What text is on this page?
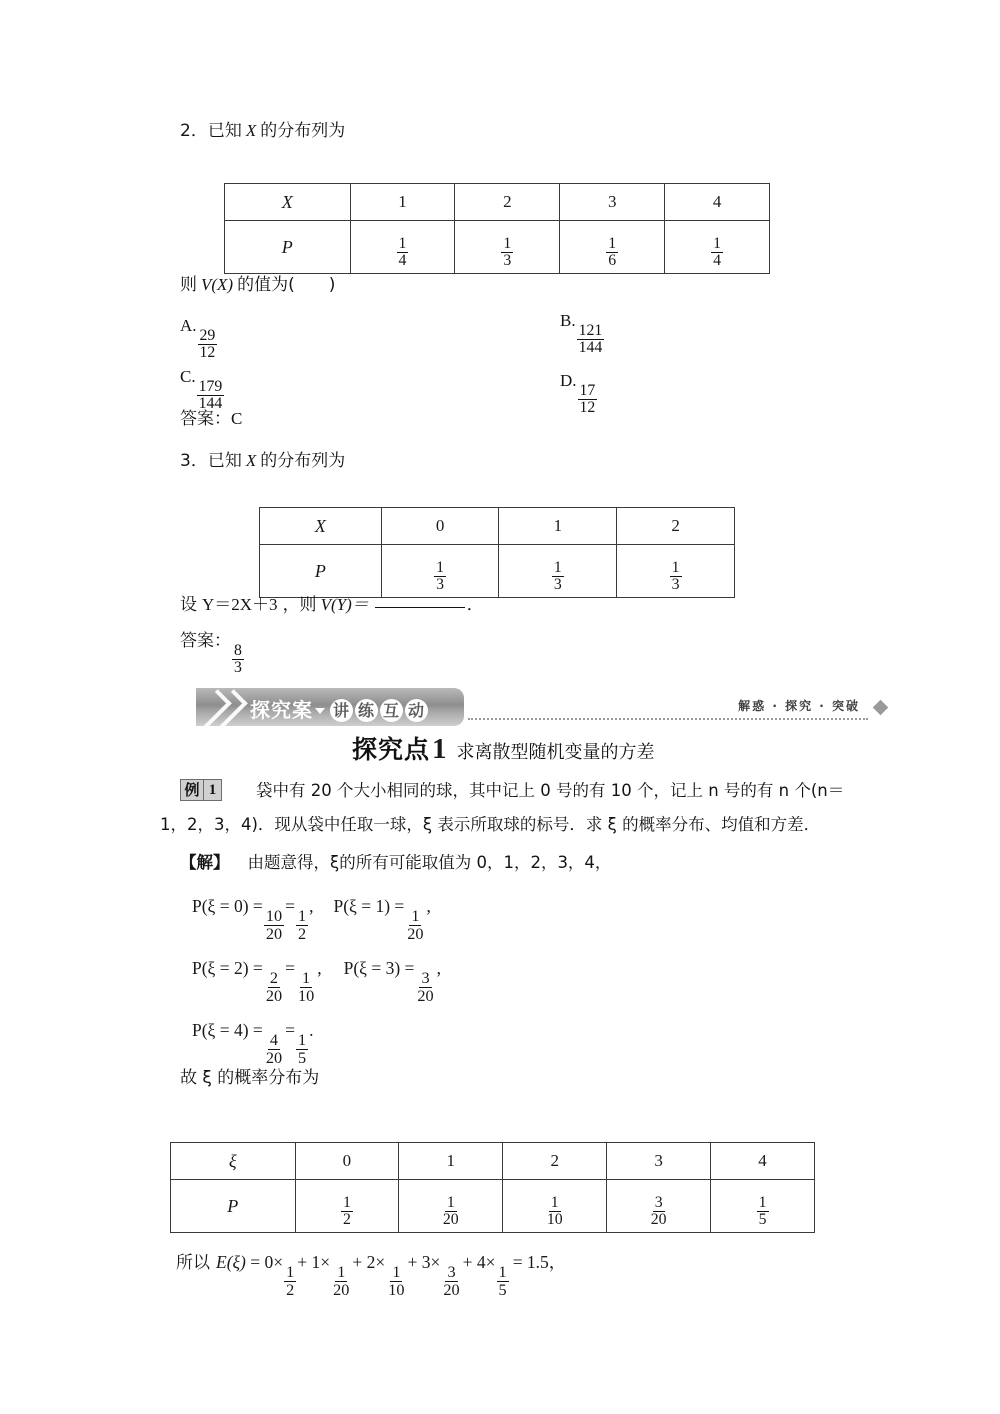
2．已知 X 的分布列为
X	1	2	3	4
P	$\frac{1}{4}$	$\frac{1}{3}$	$\frac{1}{6}$	$\frac{1}{4}$
则 V(X) 的值为(　　)
A.
$\frac{29}{12}$
B.
$\frac{121}{144}$
C.
$\frac{179}{144}$	D.
$\frac{17}{12}$
答案：C
3．已知 X 的分布列为
X	0	1	2
P	$\frac{1}{3}$	$\frac{1}{3}$	$\frac{1}{3}$
设 Y＝2X＋3 ，则 V(Y)＝	．
答案：
$\frac{8}{3}$
探究案 讲 练 互 动	解惑 · 探究 · 突破
探究点1 求离散型随机变量的方差
例 1	袋中有 20 个大小相同的球，其中记上 0 号的有 10 个，记上 n 号的有 n 个(n＝
1，2，3，4)．现从袋中任取一球，ξ 表示所取球的标号．求 ξ 的概率分布、均值和方差．
【解】 由题意得，ξ的所有可能取值为 0，1，2，3，4，
P(ξ = 0) =
$\frac{10}{20}$
=
$\frac{1}{2}$
, P(ξ = 1) =
$\frac{1}{20}$
,
P(ξ = 2) =
$\frac{2}{20}$
=
$\frac{1}{10}$
, P(ξ = 3) =
$\frac{3}{20}$
,
P(ξ = 4) =
$\frac{4}{20}$
=
$\frac{1}{5}$
.
故 ξ 的概率分布为
ξ	0	1	2	3	4
P	$\frac{1}{2}$	$\frac{1}{20}$	$\frac{1}{10}$	$\frac{3}{20}$	$\frac{1}{5}$
所以 E(ξ) = 0×
$\frac{1}{2}$
+ 1×
$\frac{1}{20}$
+ 2×
$\frac{1}{10}$
+ 3×
$\frac{3}{20}$
+ 4×
$\frac{1}{5}$
= 1.5，
